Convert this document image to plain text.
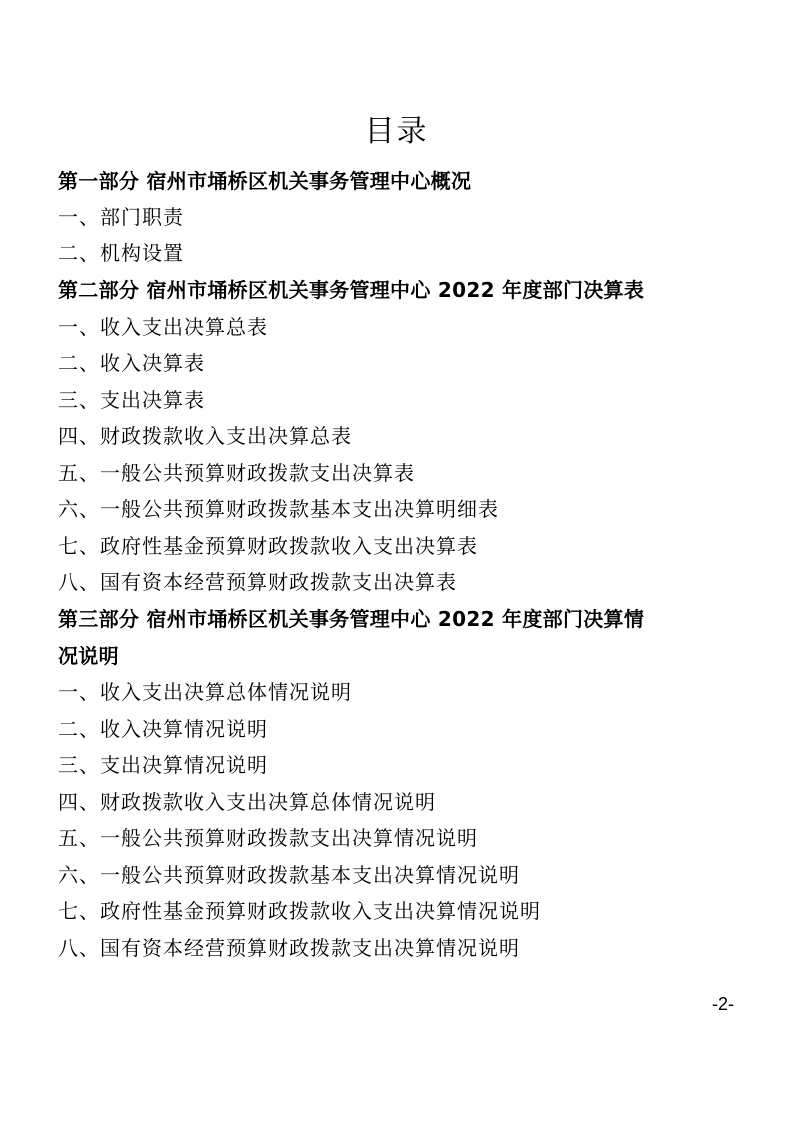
目录
第一部分 宿州市埇桥区机关事务管理中心概况
一、部门职责
二、机构设置
第二部分 宿州市埇桥区机关事务管理中心 2022 年度部门决算表
一、收入支出决算总表
二、收入决算表
三、支出决算表
四、财政拨款收入支出决算总表
五、一般公共预算财政拨款支出决算表
六、一般公共预算财政拨款基本支出决算明细表
七、政府性基金预算财政拨款收入支出决算表
八、国有资本经营预算财政拨款支出决算表
第三部分 宿州市埇桥区机关事务管理中心 2022 年度部门决算情
况说明
一、收入支出决算总体情况说明
二、收入决算情况说明
三、支出决算情况说明
四、财政拨款收入支出决算总体情况说明
五、一般公共预算财政拨款支出决算情况说明
六、一般公共预算财政拨款基本支出决算情况说明
七、政府性基金预算财政拨款收入支出决算情况说明
八、国有资本经营预算财政拨款支出决算情况说明
-2-
